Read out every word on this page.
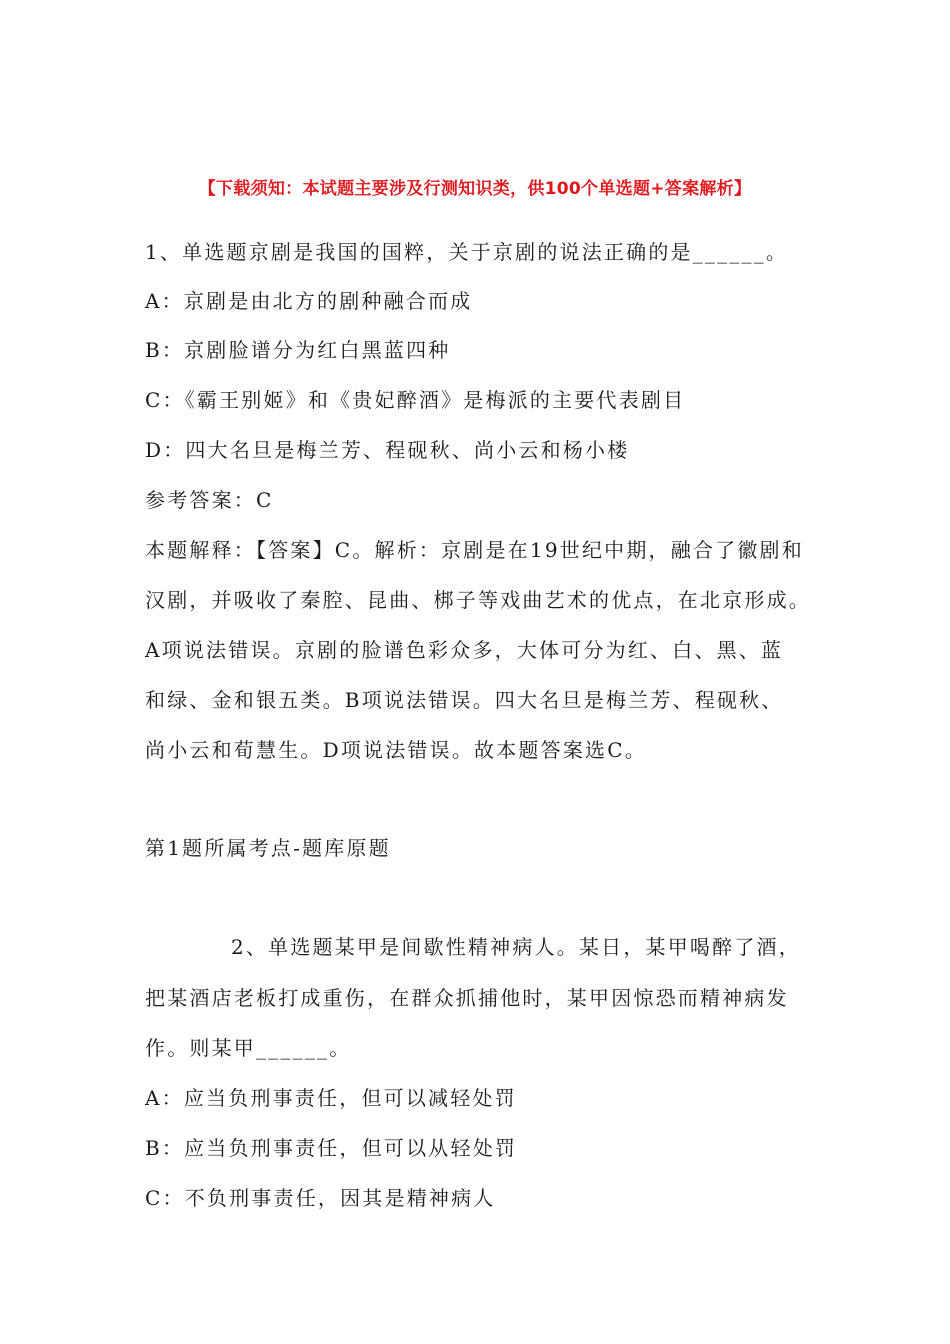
【下载须知：本试题主要涉及行测知识类，供100个单选题+答案解析】
1、单选题京剧是我国的国粹，关于京剧的说法正确的是______。
A：京剧是由北方的剧种融合而成
B：京剧脸谱分为红白黑蓝四种
C：《霸王别姬》和《贵妃醉酒》是梅派的主要代表剧目
D：四大名旦是梅兰芳、程砚秋、尚小云和杨小楼
参考答案：C
本题解释：【答案】C。解析：京剧是在19世纪中期，融合了徽剧和
汉剧，并吸收了秦腔、昆曲、梆子等戏曲艺术的优点，在北京形成。
A项说法错误。京剧的脸谱色彩众多，大体可分为红、白、黑、蓝
和绿、金和银五类。B项说法错误。四大名旦是梅兰芳、程砚秋、
尚小云和荀慧生。D项说法错误。故本题答案选C。
第1题所属考点-题库原题
2、单选题某甲是间歇性精神病人。某日，某甲喝醉了酒，
把某酒店老板打成重伤，在群众抓捕他时，某甲因惊恐而精神病发
作。则某甲______。
A：应当负刑事责任，但可以减轻处罚
B：应当负刑事责任，但可以从轻处罚
C：不负刑事责任，因其是精神病人
